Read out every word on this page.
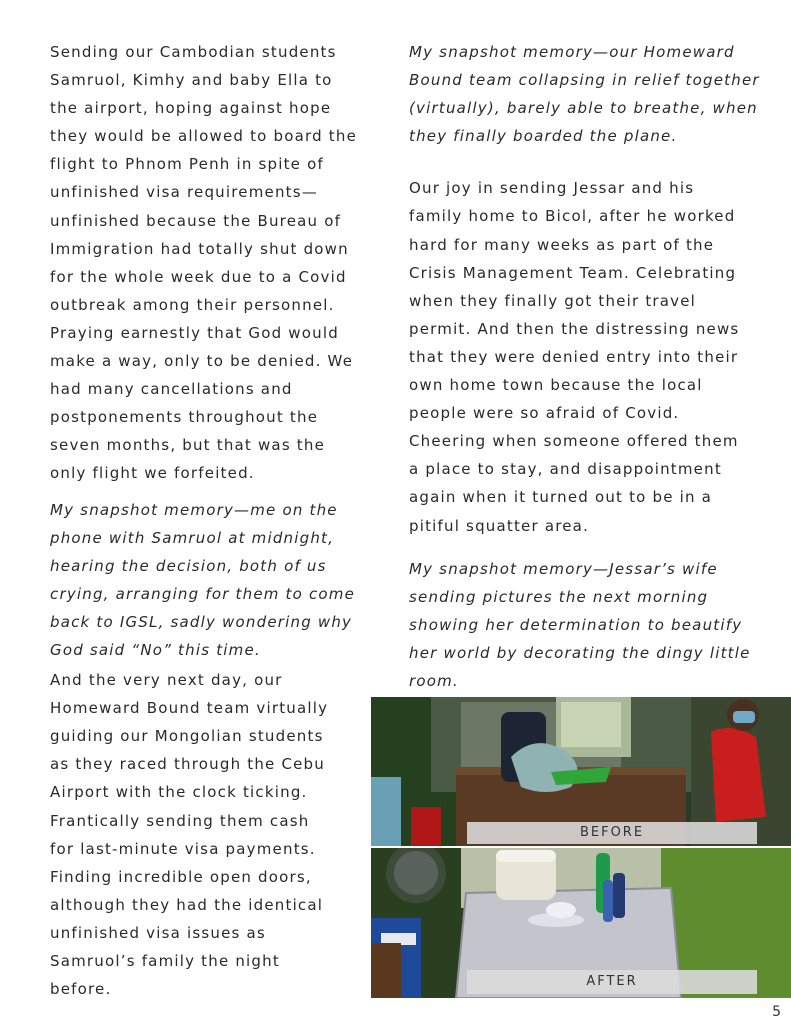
Sending our Cambodian students

Samruol, Kimhy and baby Ella to

the airport, hoping against hope

they would be allowed to board the

flight to Phnom Penh in spite of

unfinished visa requirements—

unfinished because the Bureau of

Immigration had totally shut down

for the whole week due to a Covid

outbreak among their personnel.

Praying earnestly that God would

make a way, only to be denied. We

had many cancellations and

postponements throughout the

seven months, but that was the

only flight we forfeited.

My snapshot memory—me on the

phone with Samruol at midnight,

hearing the decision, both of us

crying, arranging for them to come

back to IGSL, sadly wondering why

God said “No” this time.

And the very next day, our

Homeward Bound team virtually

guiding our Mongolian students

as they raced through the Cebu

Airport with the clock ticking.

Frantically sending them cash

for last-minute visa payments.

Finding incredible open doors,

although they had the identical

unfinished visa issues as

Samruol’s family the night

before.

My snapshot memory—our Homeward

Bound team collapsing in relief together

(virtually), barely able to breathe, when

they finally boarded the plane.

Our joy in sending Jessar and his

family home to Bicol, after he worked

hard for many weeks as part of the

Crisis Management Team. Celebrating

when they finally got their travel

permit. And then the distressing news

that they were denied entry into their

own home town because the local

people were so afraid of Covid.

Cheering when someone offered them

a place to stay, and disappointment

again when it turned out to be in a

pitiful squatter area.

My snapshot memory—Jessar’s wife

sending pictures the next morning

showing her determination to beautify

her world by decorating the dingy little

room.

BEFORE
AFTER
5
